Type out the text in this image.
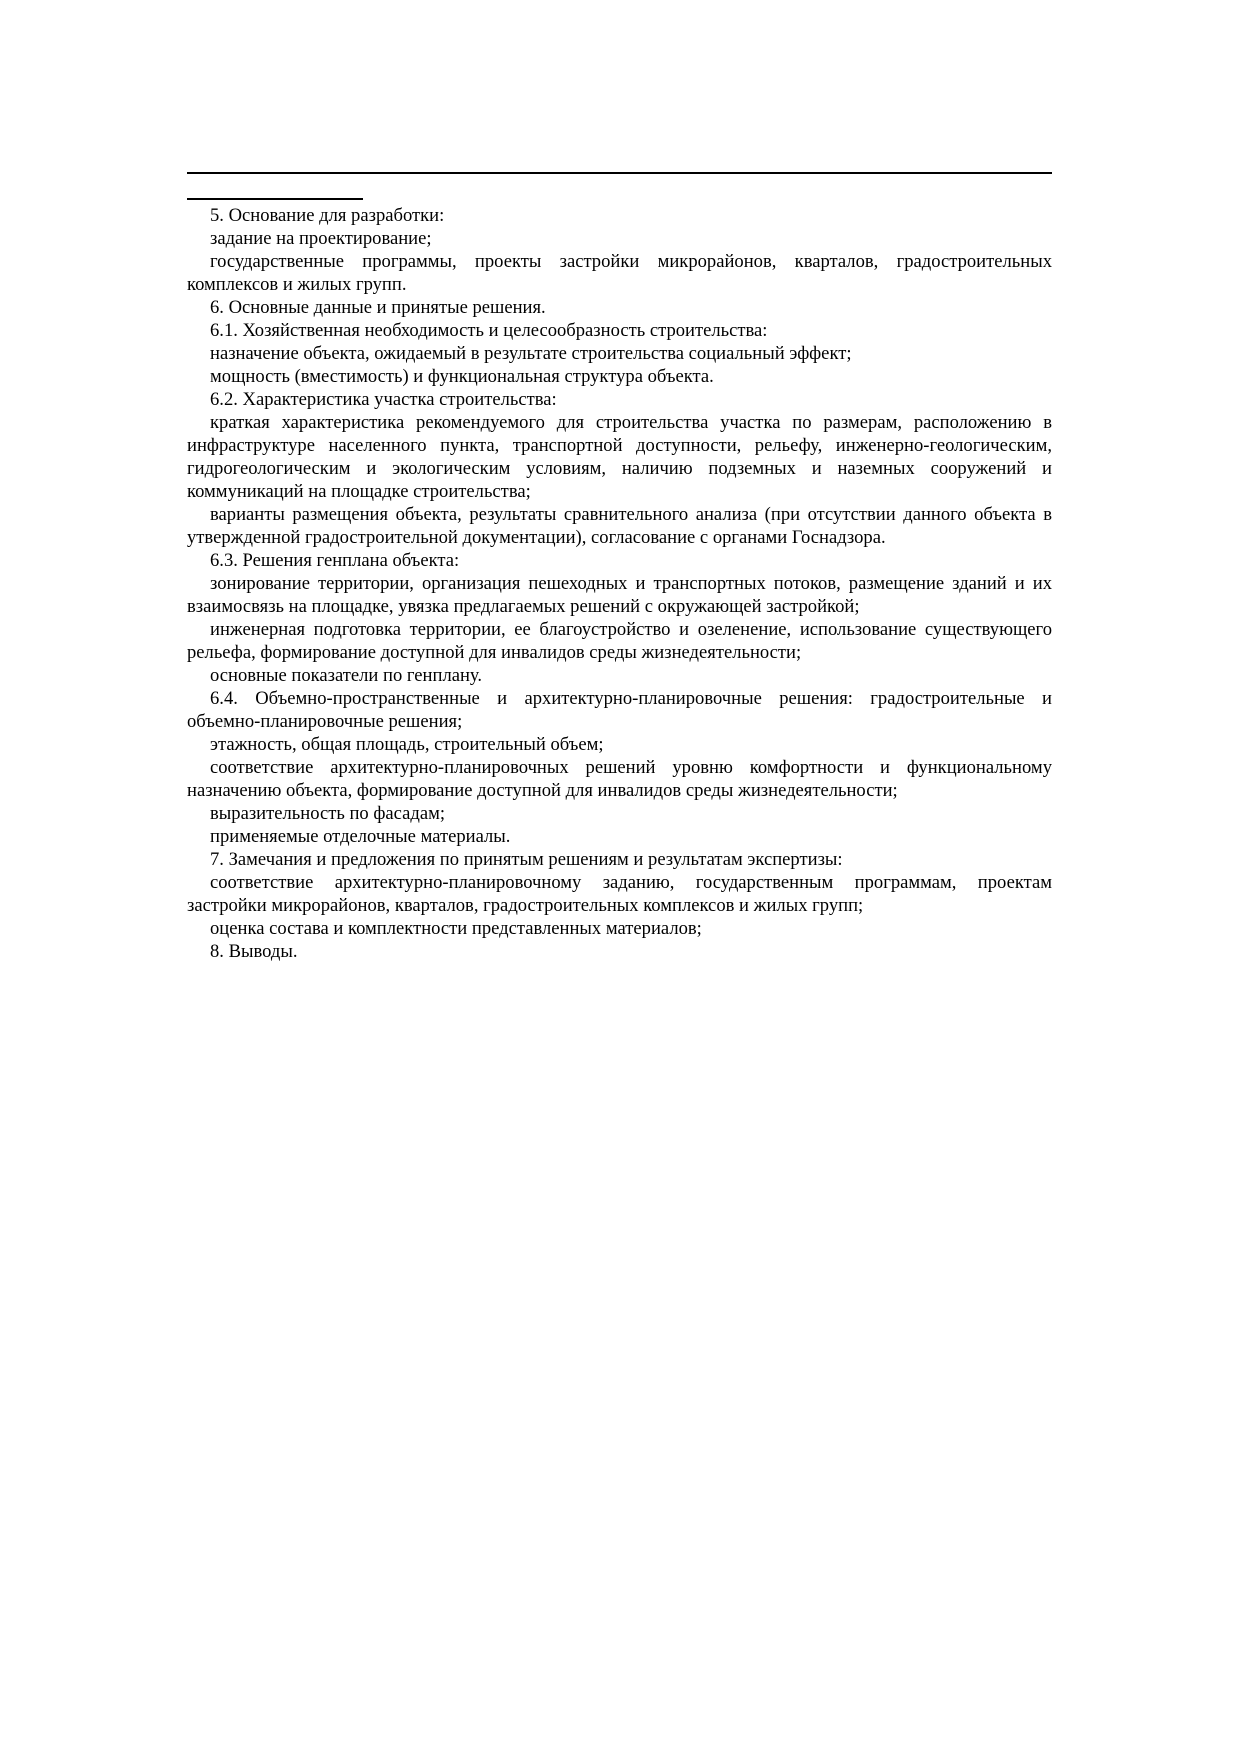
5. Основание для разработки:

задание на проектирование;

государственные программы, проекты застройки микрорайонов, кварталов, градостроительных комплексов и жилых групп.

6. Основные данные и принятые решения.

6.1. Хозяйственная необходимость и целесообразность строительства:

назначение объекта, ожидаемый в результате строительства социальный эффект;

мощность (вместимость) и функциональная структура объекта.

6.2. Характеристика участка строительства:

краткая характеристика рекомендуемого для строительства участка по размерам, расположению в инфраструктуре населенного пункта, транспортной доступности, рельефу, инженерно-геологическим, гидрогеологическим и экологическим условиям, наличию подземных и наземных сооружений и коммуникаций на площадке строительства;

варианты размещения объекта, результаты сравнительного анализа (при отсутствии данного объекта в утвержденной градостроительной документации), согласование с органами Госнадзора.

6.3. Решения генплана объекта:

зонирование территории, организация пешеходных и транспортных потоков, размещение зданий и их взаимосвязь на площадке, увязка предлагаемых решений с окружающей застройкой;

инженерная подготовка территории, ее благоустройство и озеленение, использование существующего рельефа, формирование доступной для инвалидов среды жизнедеятельности;

основные показатели по генплану.

6.4. Объемно-пространственные и архитектурно-планировочные решения: градостроительные и объемно-планировочные решения;

этажность, общая площадь, строительный объем;

соответствие архитектурно-планировочных решений уровню комфортности и функциональному назначению объекта, формирование доступной для инвалидов среды жизнедеятельности;

выразительность по фасадам;

применяемые отделочные материалы.

7. Замечания и предложения по принятым решениям и результатам экспертизы:

соответствие архитектурно-планировочному заданию, государственным программам, проектам застройки микрорайонов, кварталов, градостроительных комплексов и жилых групп;

оценка состава и комплектности представленных материалов;

8. Выводы.
